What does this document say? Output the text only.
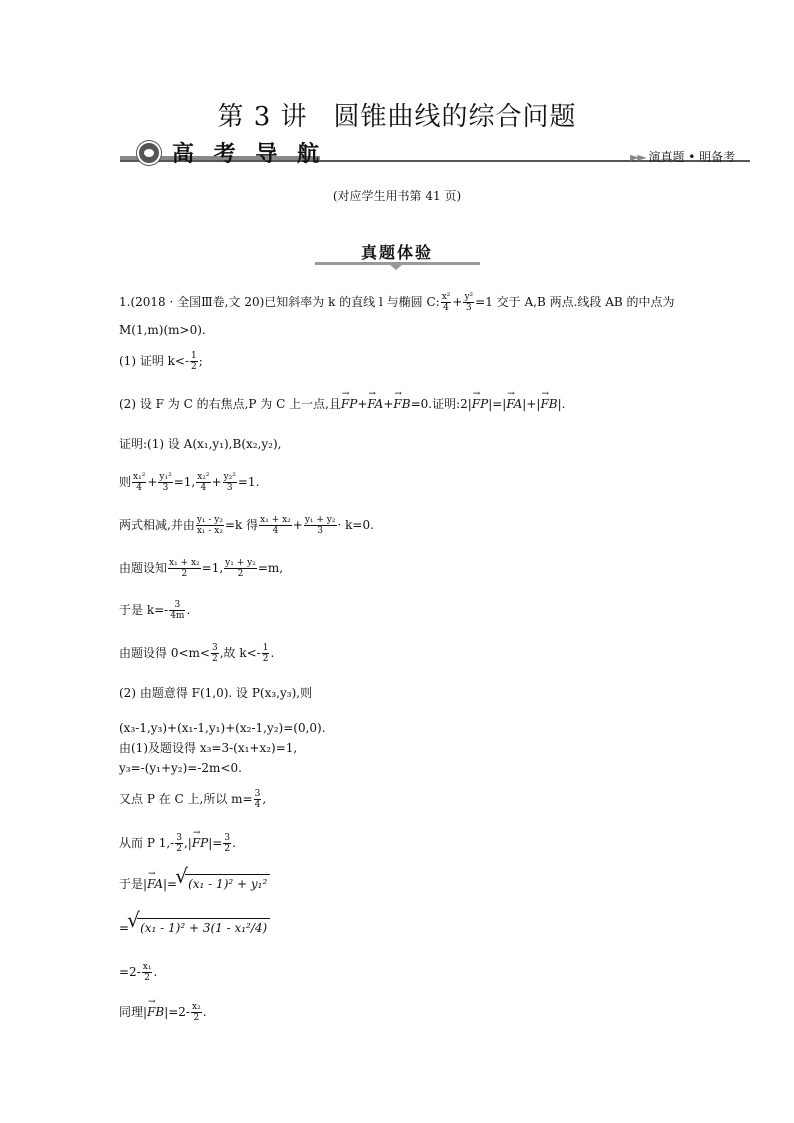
第 3 讲 圆锥曲线的综合问题
高 考 导 航	►► 演真题 • 明备考
(对应学生用书第 41 页)
真题体验
1.(2018 · 全国Ⅲ卷,文 20)已知斜率为 k 的直线 l 与椭圆 C: $\frac{\text{x²}}{4} + \frac{\text{y²}}{3} =1$ 交于 A,B 两点.线段 AB 的中点为
M(1,m)(m>0).
(1) 证明 $k<- \frac{1}{2}$ ;
(2) 设 F 为 C 的右焦点,P 为 C 上一点,且→ FP+→ FA+→ FB=0.证明:2|→ FP|=|→ FA|+|→ FB|.
证明:(1) 设 A(x₁,y₁),B(x₂,y₂),
则 $\frac{\text{x₁²}}{4} + \frac{\text{y₁²}}{3} =1$, $\frac{\text{x₂²}}{4} + \frac{\text{y₂²}}{3} =1$.
两式相减,并由 $\frac{\text{y₁ - y₂}}{\text{x₁ - x₂}} =k$ 得 $\frac{\text{x₁ + x₂}}{4} + \frac{\text{y₁ + y₂}}{3} \cdot k=0$.
由题设知 $\frac{\text{x₁ + x₂}}{2} =1$, $\frac{\text{y₁ + y₂}}{2} =m$,
于是 $k=- \frac{3}{4m}$ .
由题设得 $0<m< \frac{3}{2}$ ,故 $k<- \frac{1}{2}$ .
(2) 由题意得 F(1,0). 设 P(x₃,y₃),则
(x₃-1,y₃)+(x₁-1,y₁)+(x₂-1,y₂)=(0,0).
由(1)及题设得 x₃=3-(x₁+x₂)=1,
y₃=-(y₁+y₂)=-2m<0.
又点 P 在 C 上,所以 $m= \frac{3}{4}$ ,
从而 P $1,- \frac{3}{2}$ ,|→ $FP|= \frac{3}{2}$ .
于是|→ FA|= √ (x₁ - 1)² + y₁²
= √ (x₁ - 1)² + 3(1 - x₁²/4)
$=2- \frac{\text{x₁}}{2}$ .
同理|→ $FB|=2- \frac{\text{x₂}}{2}$ .
